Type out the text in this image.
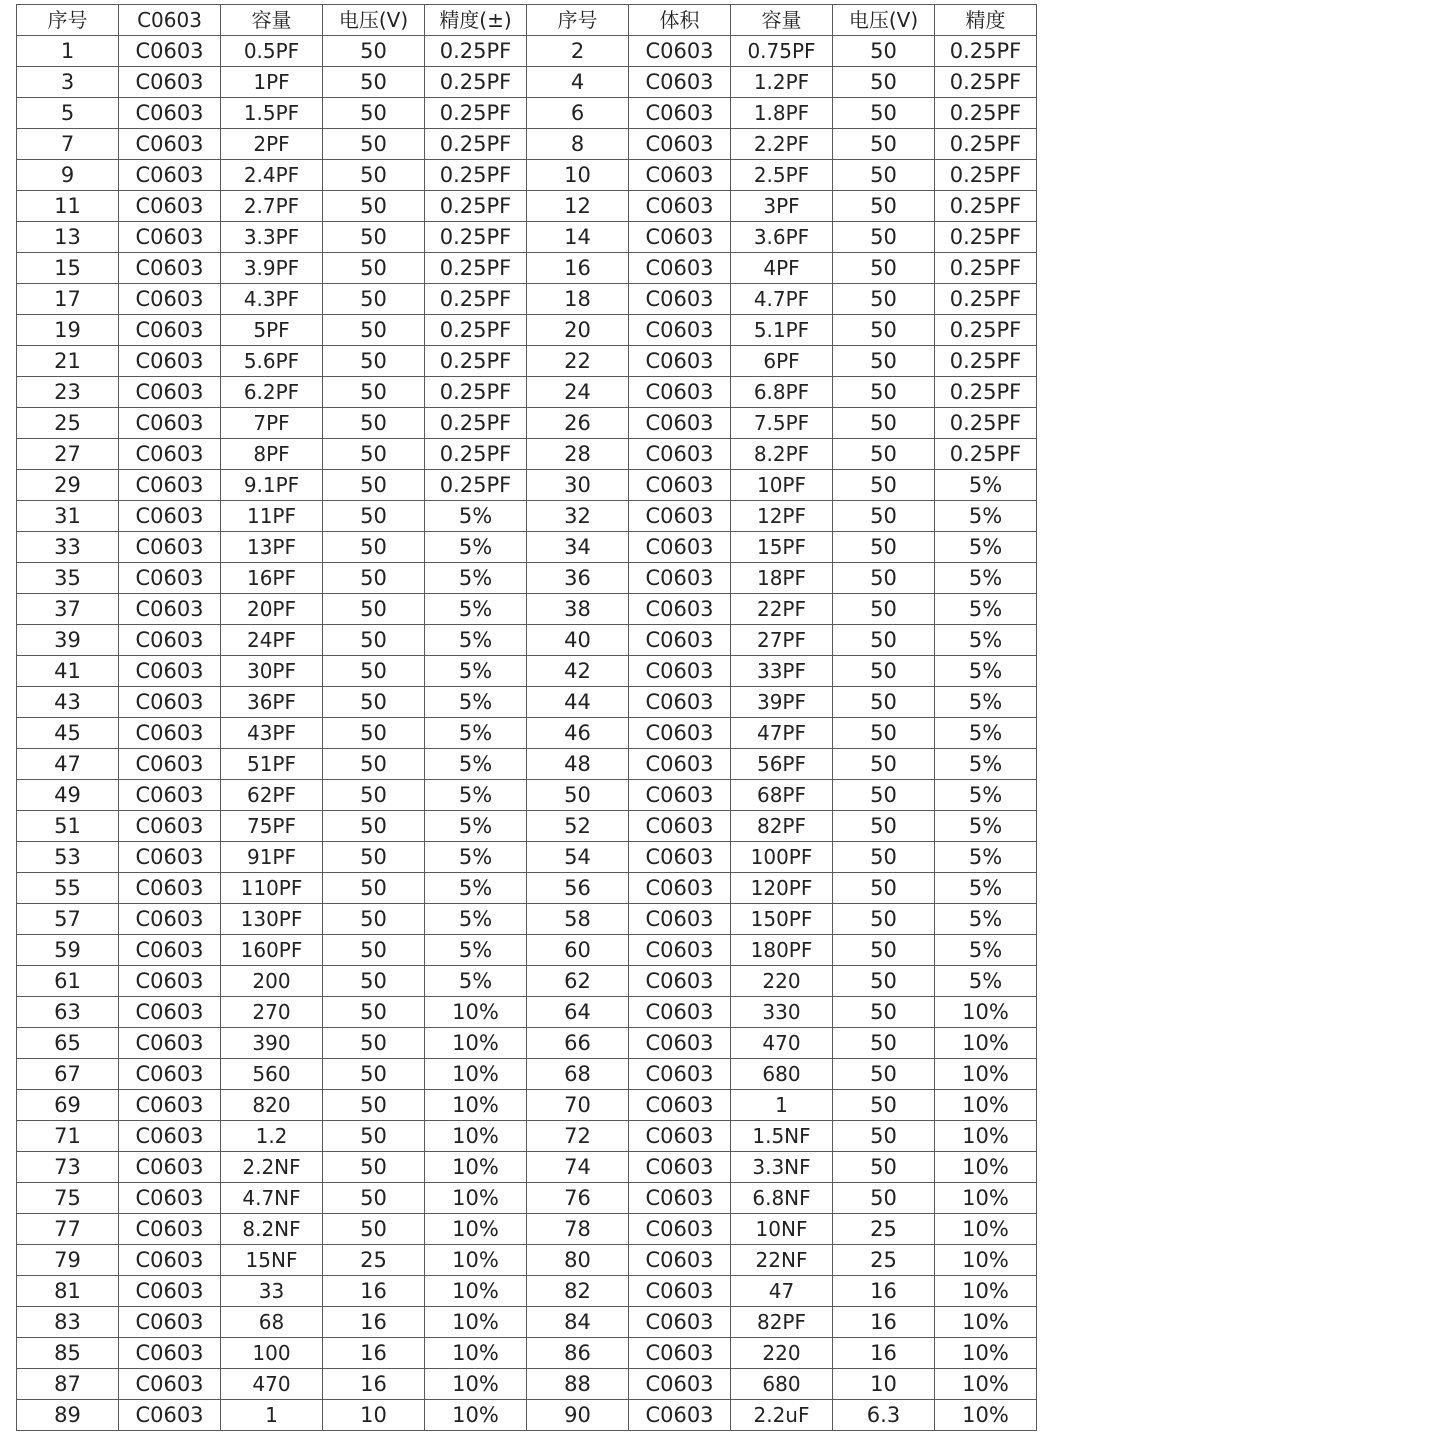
序号	C0603	容量	电压(V)	精度(±)	序号	体积	容量	电压(V)	精度
1	C0603	0.5PF	50	0.25PF	2	C0603	0.75PF	50	0.25PF
3	C0603	1PF	50	0.25PF	4	C0603	1.2PF	50	0.25PF
5	C0603	1.5PF	50	0.25PF	6	C0603	1.8PF	50	0.25PF
7	C0603	2PF	50	0.25PF	8	C0603	2.2PF	50	0.25PF
9	C0603	2.4PF	50	0.25PF	10	C0603	2.5PF	50	0.25PF
11	C0603	2.7PF	50	0.25PF	12	C0603	3PF	50	0.25PF
13	C0603	3.3PF	50	0.25PF	14	C0603	3.6PF	50	0.25PF
15	C0603	3.9PF	50	0.25PF	16	C0603	4PF	50	0.25PF
17	C0603	4.3PF	50	0.25PF	18	C0603	4.7PF	50	0.25PF
19	C0603	5PF	50	0.25PF	20	C0603	5.1PF	50	0.25PF
21	C0603	5.6PF	50	0.25PF	22	C0603	6PF	50	0.25PF
23	C0603	6.2PF	50	0.25PF	24	C0603	6.8PF	50	0.25PF
25	C0603	7PF	50	0.25PF	26	C0603	7.5PF	50	0.25PF
27	C0603	8PF	50	0.25PF	28	C0603	8.2PF	50	0.25PF
29	C0603	9.1PF	50	0.25PF	30	C0603	10PF	50	5%
31	C0603	11PF	50	5%	32	C0603	12PF	50	5%
33	C0603	13PF	50	5%	34	C0603	15PF	50	5%
35	C0603	16PF	50	5%	36	C0603	18PF	50	5%
37	C0603	20PF	50	5%	38	C0603	22PF	50	5%
39	C0603	24PF	50	5%	40	C0603	27PF	50	5%
41	C0603	30PF	50	5%	42	C0603	33PF	50	5%
43	C0603	36PF	50	5%	44	C0603	39PF	50	5%
45	C0603	43PF	50	5%	46	C0603	47PF	50	5%
47	C0603	51PF	50	5%	48	C0603	56PF	50	5%
49	C0603	62PF	50	5%	50	C0603	68PF	50	5%
51	C0603	75PF	50	5%	52	C0603	82PF	50	5%
53	C0603	91PF	50	5%	54	C0603	100PF	50	5%
55	C0603	110PF	50	5%	56	C0603	120PF	50	5%
57	C0603	130PF	50	5%	58	C0603	150PF	50	5%
59	C0603	160PF	50	5%	60	C0603	180PF	50	5%
61	C0603	200	50	5%	62	C0603	220	50	5%
63	C0603	270	50	10%	64	C0603	330	50	10%
65	C0603	390	50	10%	66	C0603	470	50	10%
67	C0603	560	50	10%	68	C0603	680	50	10%
69	C0603	820	50	10%	70	C0603	1	50	10%
71	C0603	1.2	50	10%	72	C0603	1.5NF	50	10%
73	C0603	2.2NF	50	10%	74	C0603	3.3NF	50	10%
75	C0603	4.7NF	50	10%	76	C0603	6.8NF	50	10%
77	C0603	8.2NF	50	10%	78	C0603	10NF	25	10%
79	C0603	15NF	25	10%	80	C0603	22NF	25	10%
81	C0603	33	16	10%	82	C0603	47	16	10%
83	C0603	68	16	10%	84	C0603	82PF	16	10%
85	C0603	100	16	10%	86	C0603	220	16	10%
87	C0603	470	16	10%	88	C0603	680	10	10%
89	C0603	1	10	10%	90	C0603	2.2uF	6.3	10%
